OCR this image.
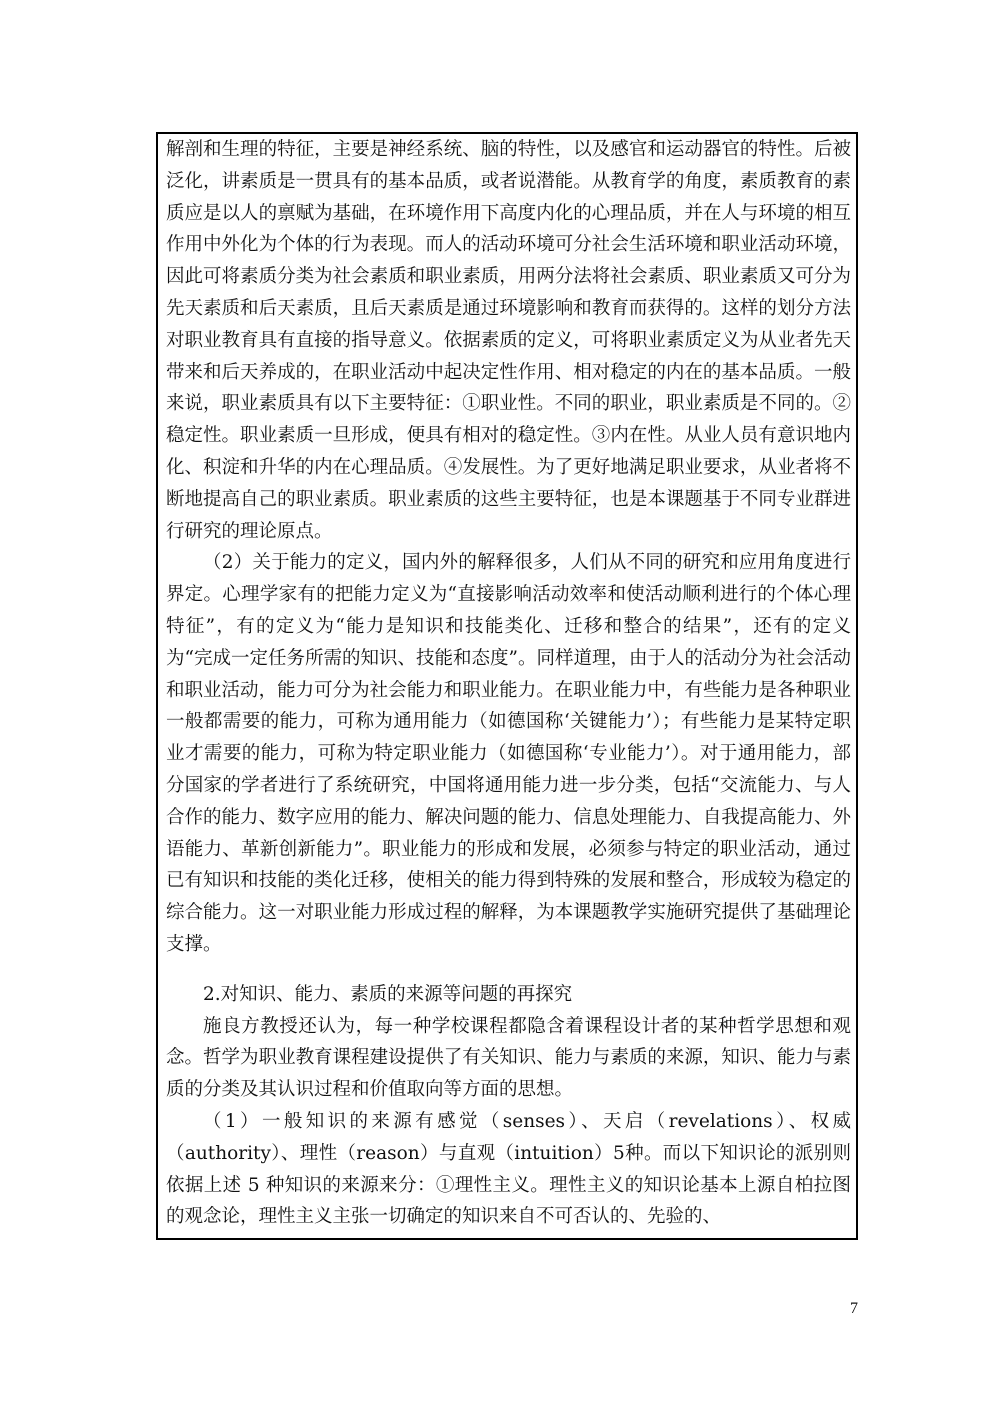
解剖和生理的特征，主要是神经系统、脑的特性，以及感官和运动器官的特性。后被泛化，讲素质是一贯具有的基本品质，或者说潜能。从教育学的角度，素质教育的素质应是以人的禀赋为基础，在环境作用下高度内化的心理品质，并在人与环境的相互作用中外化为个体的行为表现。而人的活动环境可分社会生活环境和职业活动环境，因此可将素质分类为社会素质和职业素质，用两分法将社会素质、职业素质又可分为先天素质和后天素质，且后天素质是通过环境影响和教育而获得的。这样的划分方法对职业教育具有直接的指导意义。依据素质的定义，可将职业素质定义为从业者先天带来和后天养成的，在职业活动中起决定性作用、相对稳定的内在的基本品质。一般来说，职业素质具有以下主要特征：①职业性。不同的职业，职业素质是不同的。②稳定性。职业素质一旦形成，便具有相对的稳定性。③内在性。从业人员有意识地内化、积淀和升华的内在心理品质。④发展性。为了更好地满足职业要求，从业者将不断地提高自己的职业素质。职业素质的这些主要特征，也是本课题基于不同专业群进行研究的理论原点。

（2）关于能力的定义，国内外的解释很多，人们从不同的研究和应用角度进行界定。心理学家有的把能力定义为“直接影响活动效率和使活动顺利进行的个体心理特征”，有的定义为“能力是知识和技能类化、迁移和整合的结果”，还有的定义为“完成一定任务所需的知识、技能和态度”。同样道理，由于人的活动分为社会活动和职业活动，能力可分为社会能力和职业能力。在职业能力中，有些能力是各种职业一般都需要的能力，可称为通用能力（如德国称‘关键能力’）；有些能力是某特定职业才需要的能力，可称为特定职业能力（如德国称‘专业能力’）。对于通用能力，部分国家的学者进行了系统研究，中国将通用能力进一步分类，包括“交流能力、与人合作的能力、数字应用的能力、解决问题的能力、信息处理能力、自我提高能力、外语能力、革新创新能力”。职业能力的形成和发展，必须参与特定的职业活动，通过已有知识和技能的类化迁移，使相关的能力得到特殊的发展和整合，形成较为稳定的综合能力。这一对职业能力形成过程的解释，为本课题教学实施研究提供了基础理论支撑。

2.对知识、能力、素质的来源等问题的再探究

施良方教授还认为，每一种学校课程都隐含着课程设计者的某种哲学思想和观念。哲学为职业教育课程建设提供了有关知识、能力与素质的来源，知识、能力与素质的分类及其认识过程和价值取向等方面的思想。

（1）一般知识的来源有感觉（senses）、天启（revelations）、权威（authority）、理性（reason）与直观（intuition）5种。而以下知识论的派别则依据上述 5 种知识的来源来分：①理性主义。理性主义的知识论基本上源自柏拉图的观念论，理性主义主张一切确定的知识来自不可否认的、先验的、

7
